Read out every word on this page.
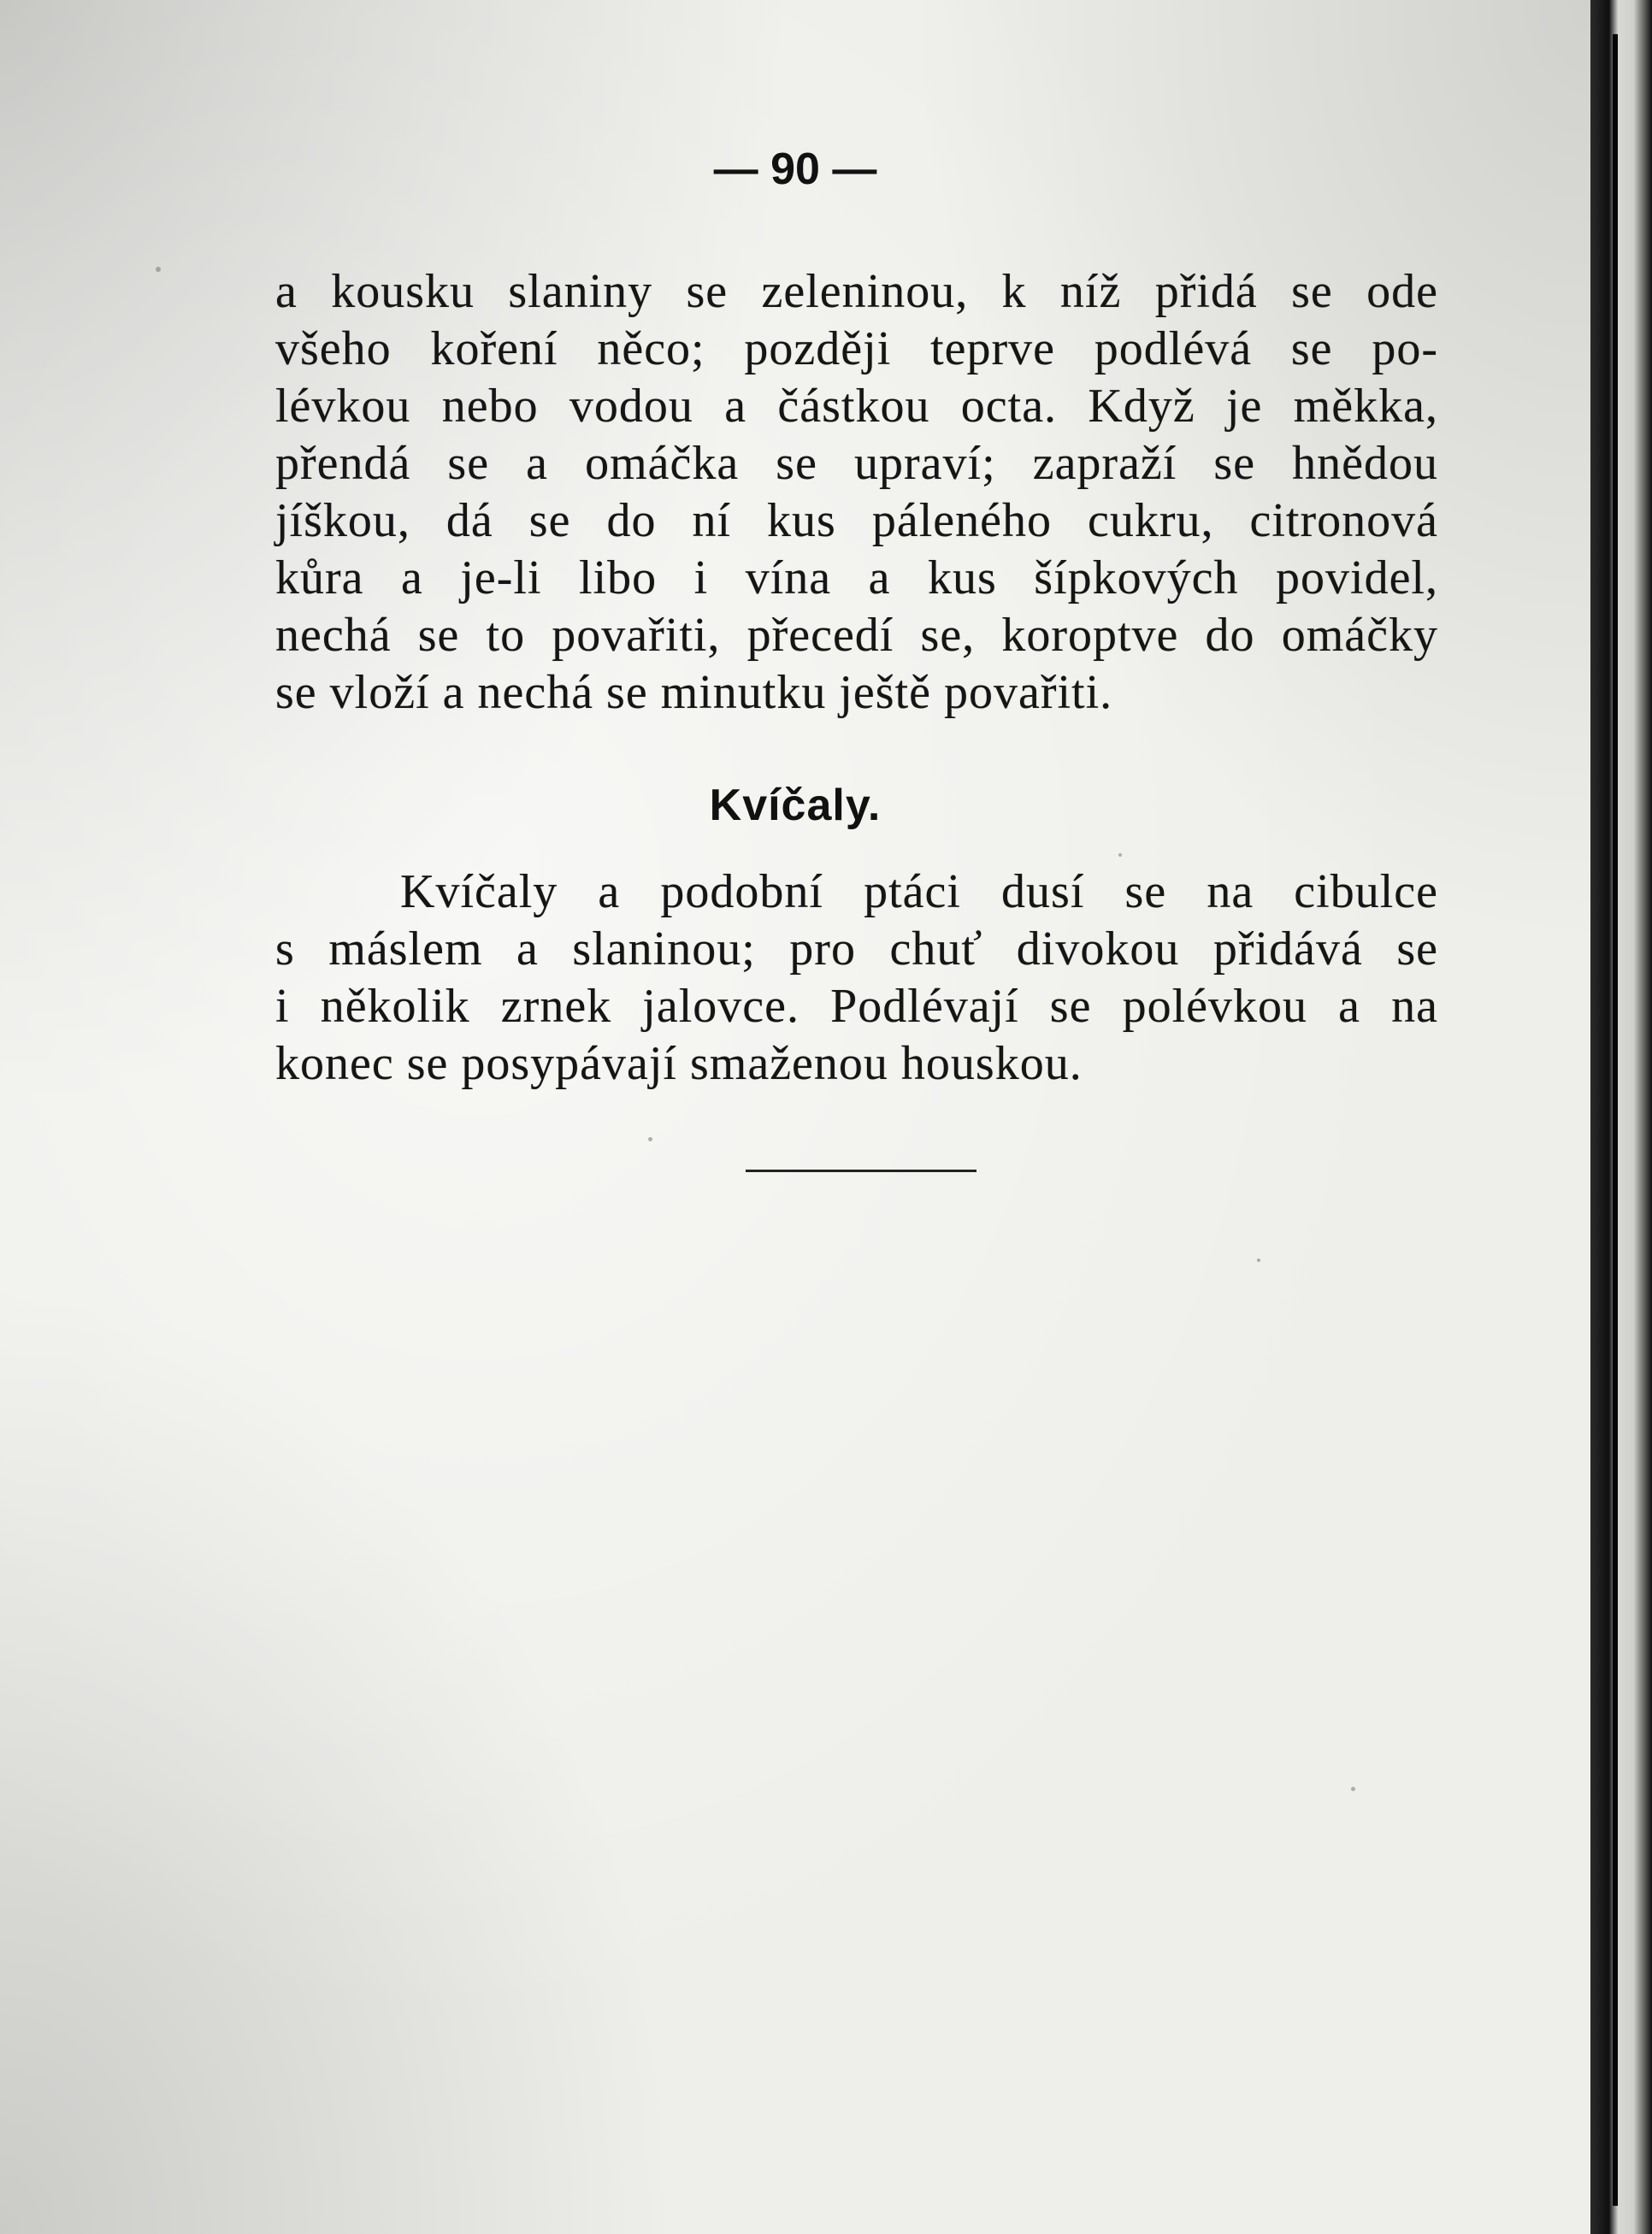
— 90 —
a kousku slaniny se zeleninou, k níž přidá se ode
všeho koření něco; později teprve podlévá se po-
lévkou nebo vodou a částkou octa. Když je měkka,
přendá se a omáčka se upraví; zapraží se hnědou
jíškou, dá se do ní kus páleného cukru, citronová
kůra a je-li libo i vína a kus šípkových povidel,
nechá se to povařiti, přecedí se, koroptve do omáčky
se vloží a nechá se minutku ještě povařiti.
Kvíčaly.
Kvíčaly a podobní ptáci dusí se na cibulce
s máslem a slaninou; pro chuť divokou přidává se
i několik zrnek jalovce. Podlévají se polévkou a na
konec se posypávají smaženou houskou.
